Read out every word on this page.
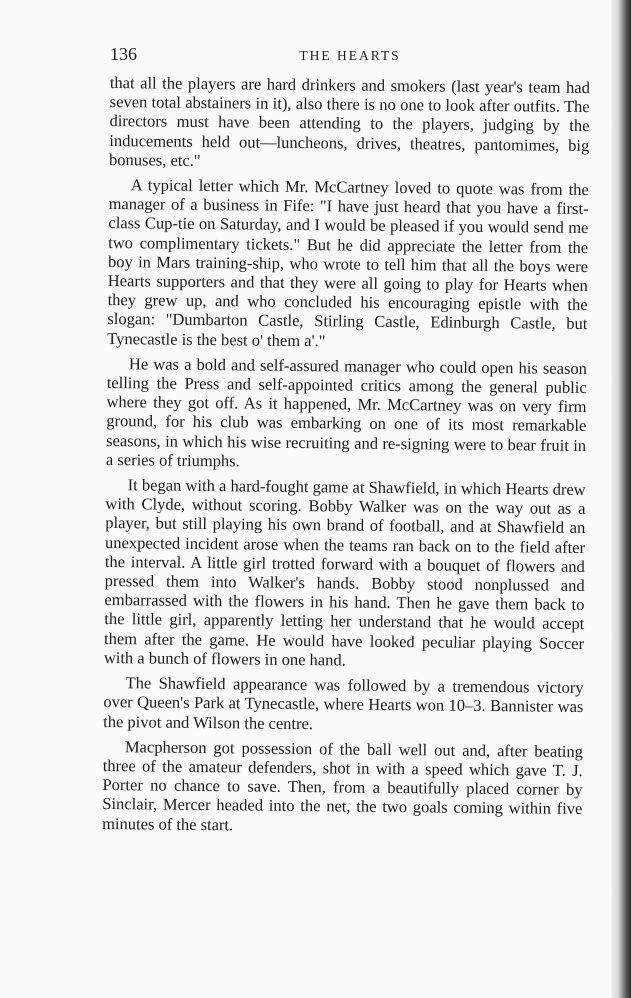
136	THE HEARTS

that all the players are hard drinkers and smokers (last year's team had seven total abstainers in it), also there is no one to look after outfits. The directors must have been attending to the players, judging by the inducements held out—luncheons, drives, theatres, pantomimes, big bonuses, etc."

A typical letter which Mr. McCartney loved to quote was from the manager of a business in Fife: "I have just heard that you have a first-class Cup-tie on Saturday, and I would be pleased if you would send me two complimentary tickets." But he did appreciate the letter from the boy in Mars training-ship, who wrote to tell him that all the boys were Hearts supporters and that they were all going to play for Hearts when they grew up, and who concluded his encouraging epistle with the slogan: "Dumbarton Castle, Stirling Castle, Edinburgh Castle, but Tynecastle is the best o' them a'."

He was a bold and self-assured manager who could open his season telling the Press and self-appointed critics among the general public where they got off. As it happened, Mr. McCartney was on very firm ground, for his club was embarking on one of its most remarkable seasons, in which his wise recruiting and re-signing were to bear fruit in a series of triumphs.

It began with a hard-fought game at Shawfield, in which Hearts drew with Clyde, without scoring. Bobby Walker was on the way out as a player, but still playing his own brand of football, and at Shawfield an unexpected incident arose when the teams ran back on to the field after the interval. A little girl trotted forward with a bouquet of flowers and pressed them into Walker's hands. Bobby stood nonplussed and embarrassed with the flowers in his hand. Then he gave them back to the little girl, apparently letting her understand that he would accept them after the game. He would have looked peculiar playing Soccer with a bunch of flowers in one hand.

The Shawfield appearance was followed by a tremendous victory over Queen's Park at Tynecastle, where Hearts won 10–3. Bannister was the pivot and Wilson the centre.

Macpherson got possession of the ball well out and, after beating three of the amateur defenders, shot in with a speed which gave T. J. Porter no chance to save. Then, from a beautifully placed corner by Sinclair, Mercer headed into the net, the two goals coming within five minutes of the start.
